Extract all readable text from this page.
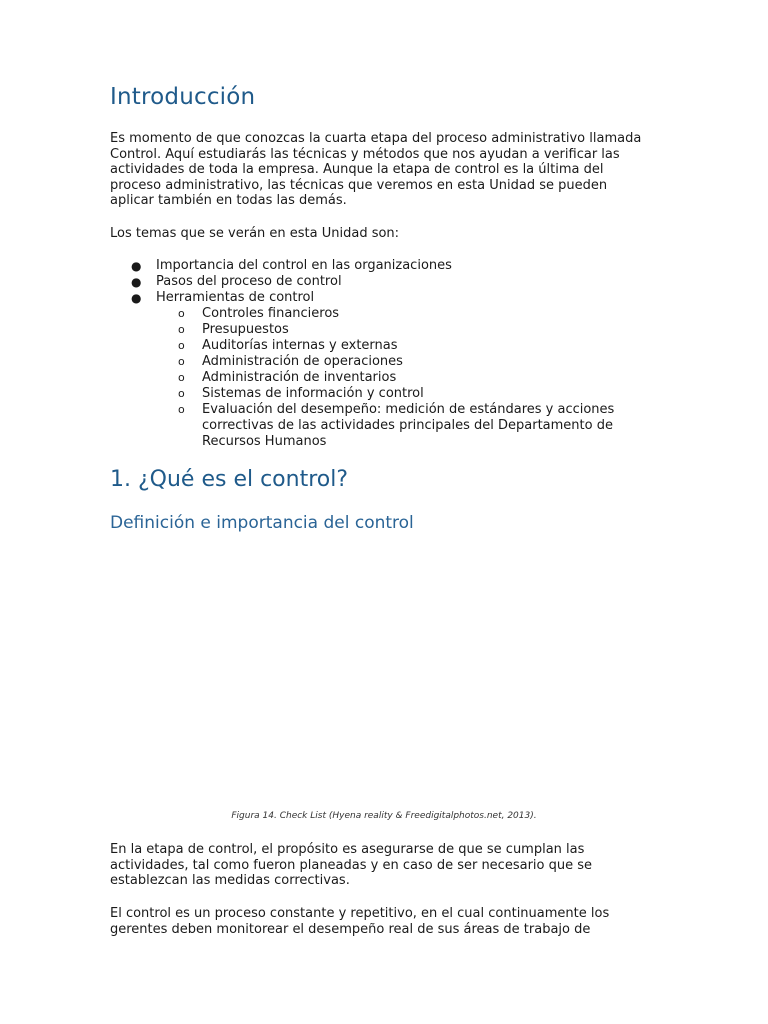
Introducción

Es momento de que conozcas la cuarta etapa del proceso administrativo llamada Control. Aquí estudiarás las técnicas y métodos que nos ayudan a verificar las actividades de toda la empresa. Aunque la etapa de control es la última del proceso administrativo, las técnicas que veremos en esta Unidad se pueden aplicar también en todas las demás.

Los temas que se verán en esta Unidad son:

● Importancia del control en las organizaciones
● Pasos del proceso de control
● Herramientas de control
o Controles financieros
o Presupuestos
o Auditorías internas y externas
o Administración de operaciones
o Administración de inventarios
o Sistemas de información y control
o Evaluación del desempeño: medición de estándares y acciones correctivas de las actividades principales del Departamento de Recursos Humanos
1. ¿Qué es el control?
Definición e importancia del control
Figura 14. Check List (Hyena reality & Freedigitalphotos.net, 2013).

En la etapa de control, el propósito es asegurarse de que se cumplan las actividades, tal como fueron planeadas y en caso de ser necesario que se establezcan las medidas correctivas.

El control es un proceso constante y repetitivo, en el cual continuamente los gerentes deben monitorear el desempeño real de sus áreas de trabajo de
